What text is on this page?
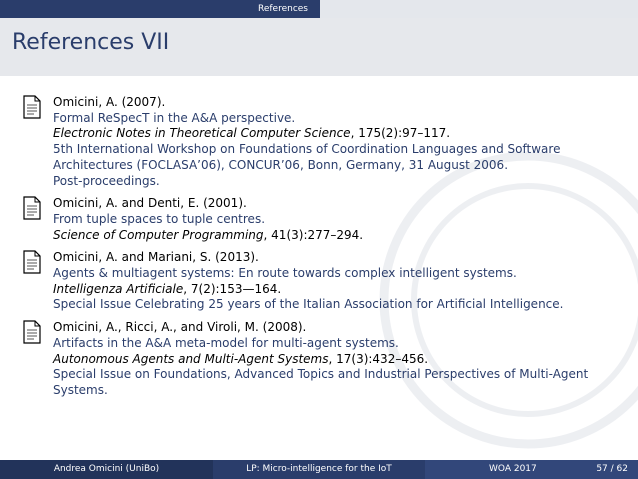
References
References VII
Omicini, A. (2007).
Formal ReSpecT in the A&A perspective.
Electronic Notes in Theoretical Computer Science, 175(2):97–117.
5th International Workshop on Foundations of Coordination Languages and Software
Architectures (FOCLASA’06), CONCUR’06, Bonn, Germany, 31 August 2006.
Post-proceedings.
Omicini, A. and Denti, E. (2001).
From tuple spaces to tuple centres.
Science of Computer Programming, 41(3):277–294.
Omicini, A. and Mariani, S. (2013).
Agents & multiagent systems: En route towards complex intelligent systems.
Intelligenza Artificiale, 7(2):153—164.
Special Issue Celebrating 25 years of the Italian Association for Artificial Intelligence.
Omicini, A., Ricci, A., and Viroli, M. (2008).
Artifacts in the A&A meta-model for multi-agent systems.
Autonomous Agents and Multi-Agent Systems, 17(3):432–456.
Special Issue on Foundations, Advanced Topics and Industrial Perspectives of Multi-Agent
Systems.
Andrea Omicini (UniBo)	LP: Micro-intelligence for the IoT	WOA 2017	57 / 62
